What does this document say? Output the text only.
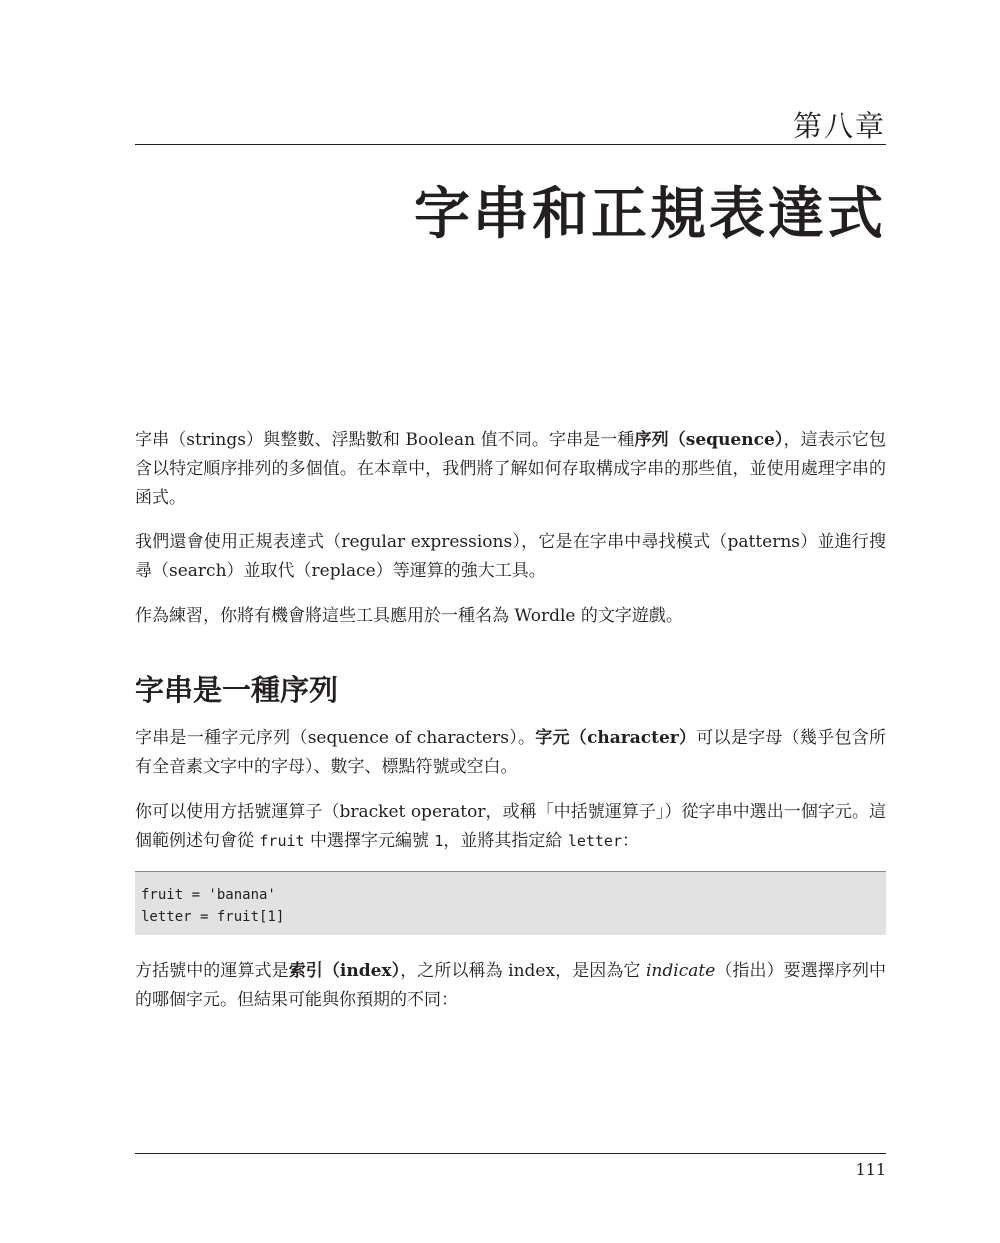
第八章
字串和正規表達式

字串（strings）與整數、浮點數和 Boolean 值不同。字串是一種序列（sequence），這表示它包含以特定順序排列的多個值。在本章中，我們將了解如何存取構成字串的那些值，並使用處理字串的函式。

我們還會使用正規表達式（regular expressions），它是在字串中尋找模式（patterns）並進行搜尋（search）並取代（replace）等運算的強大工具。

作為練習，你將有機會將這些工具應用於一種名為 Wordle 的文字遊戲。

字串是一種序列

字串是一種字元序列（sequence of characters）。字元（character）可以是字母（幾乎包含所有全音素文字中的字母）、數字、標點符號或空白。

你可以使用方括號運算子（bracket operator，或稱「中括號運算子」）從字串中選出一個字元。這個範例述句會從 fruit 中選擇字元編號 1，並將其指定給 letter：

fruit = 'banana'
letter = fruit[1]

方括號中的運算式是索引（index），之所以稱為 index，是因為它 indicate（指出）要選擇序列中的哪個字元。但結果可能與你預期的不同：

111
